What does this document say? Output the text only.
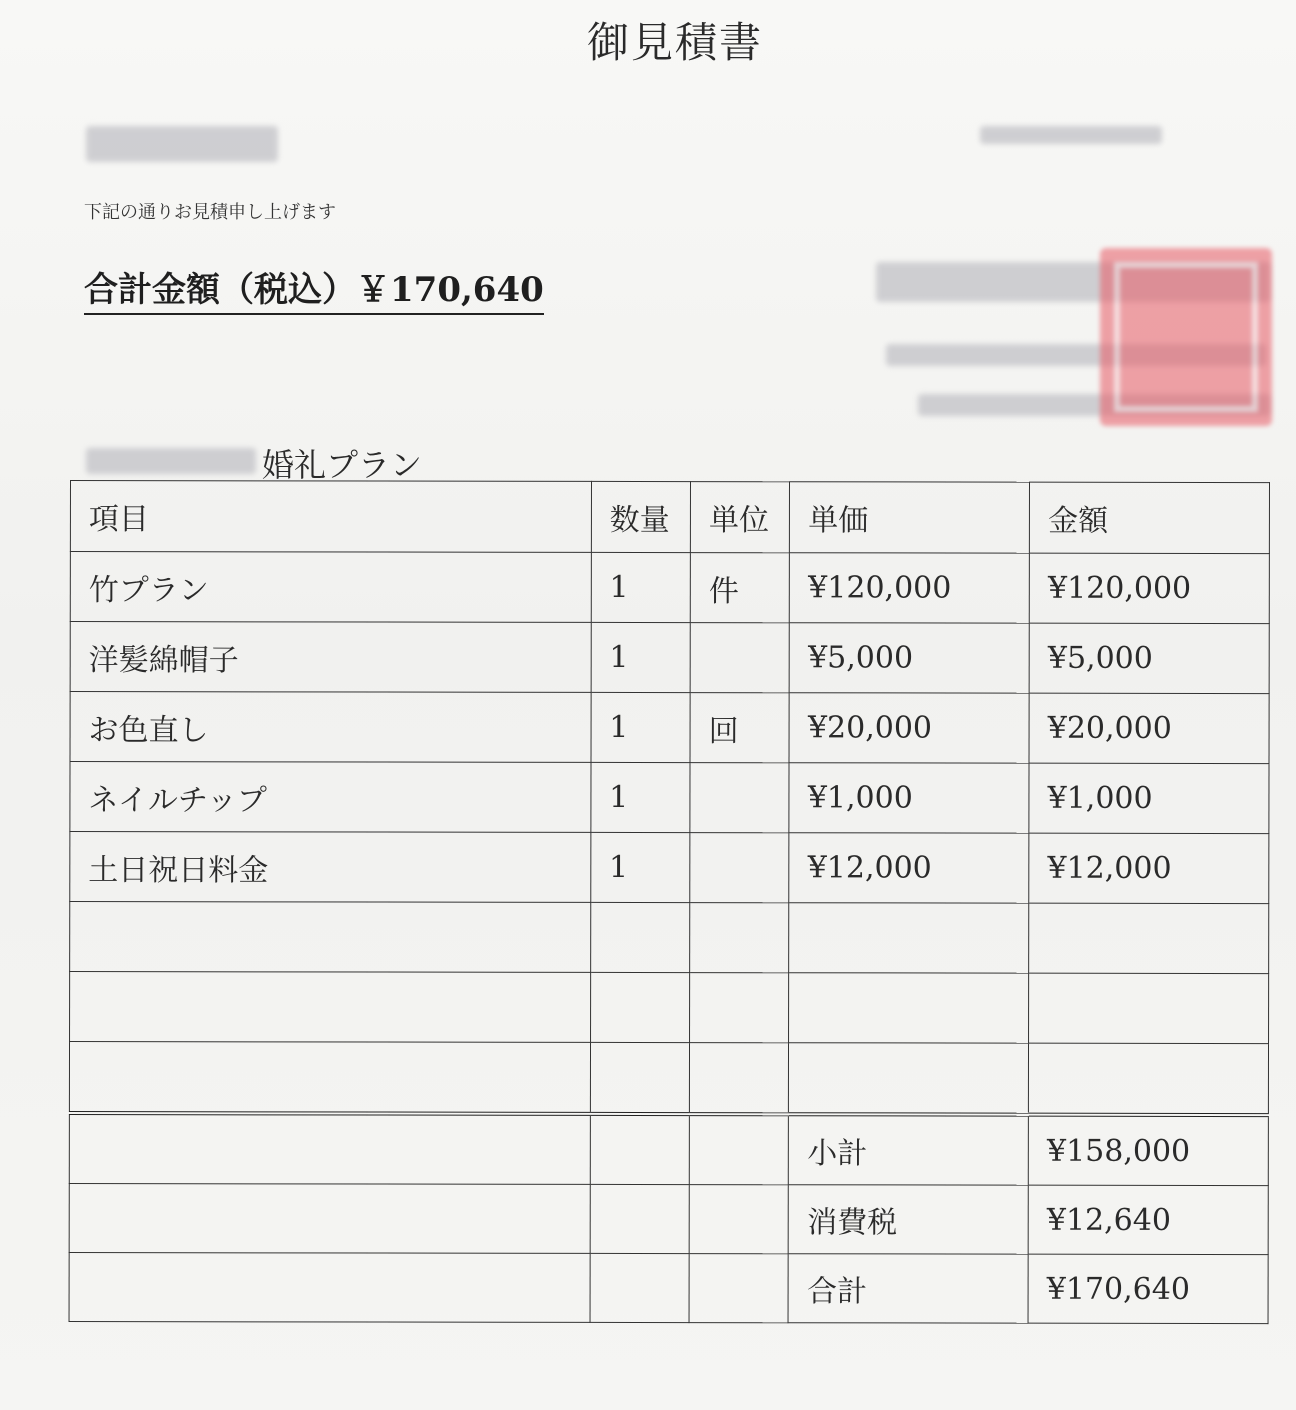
御見積書
下記の通りお見積申し上げます
合計金額（税込）￥170,640
婚礼プラン
項目	数量	単位	単価	金額
竹プラン	1	件	¥120,000	¥120,000
洋髪綿帽子	1		¥5,000	¥5,000
お色直し	1	回	¥20,000	¥20,000
ネイルチップ	1		¥1,000	¥1,000
土日祝日料金	1		¥12,000	¥12,000

			小計	¥158,000
			消費税	¥12,640
			合計	¥170,640
